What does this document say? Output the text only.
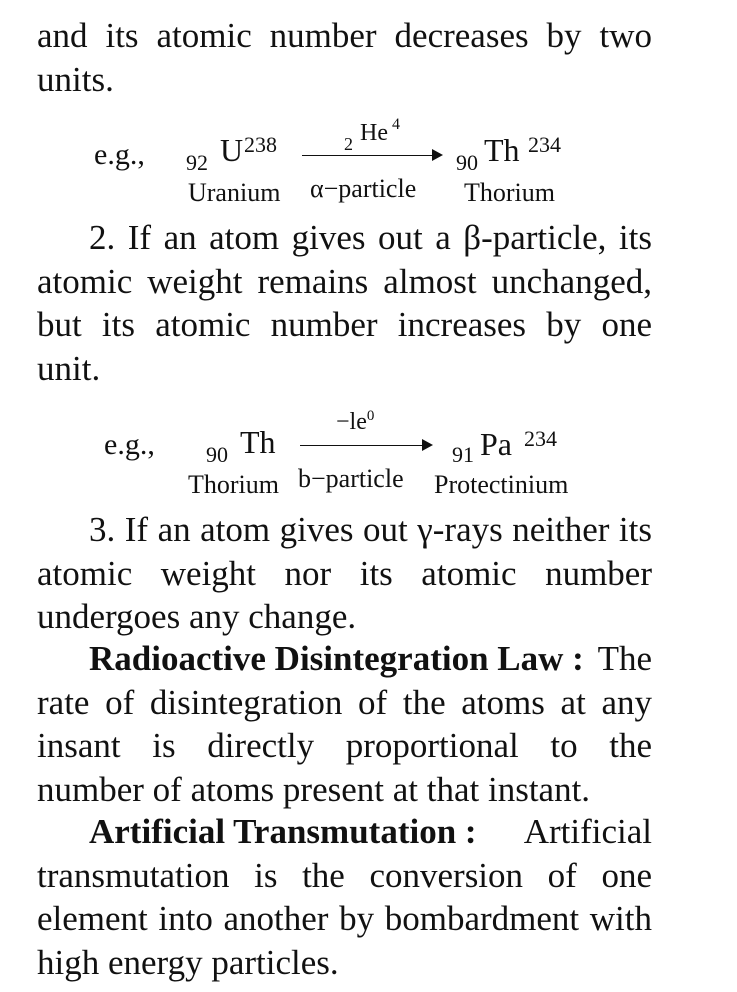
and its atomic number decreases by two units.

e.g., 92 U 238	2 He 4
90 Th 234
Uranium α−particle Thorium

2. If an atom gives out a β-particle, its atomic weight remains almost unchanged, but its atomic number increases by one unit.

e.g., 90 Th
$-le^0$
91 Pa 234
Thorium b−particle Protectinium

3. If an atom gives out γ-rays neither its atomic weight nor its atomic number undergoes any change.

Radioactive Disintegration Law : The rate of disintegration of the atoms at any insant is directly proportional to the number of atoms present at that instant.

Artificial Transmutation : Artificial transmutation is the conversion of one element into another by bombardment with high energy particles.
